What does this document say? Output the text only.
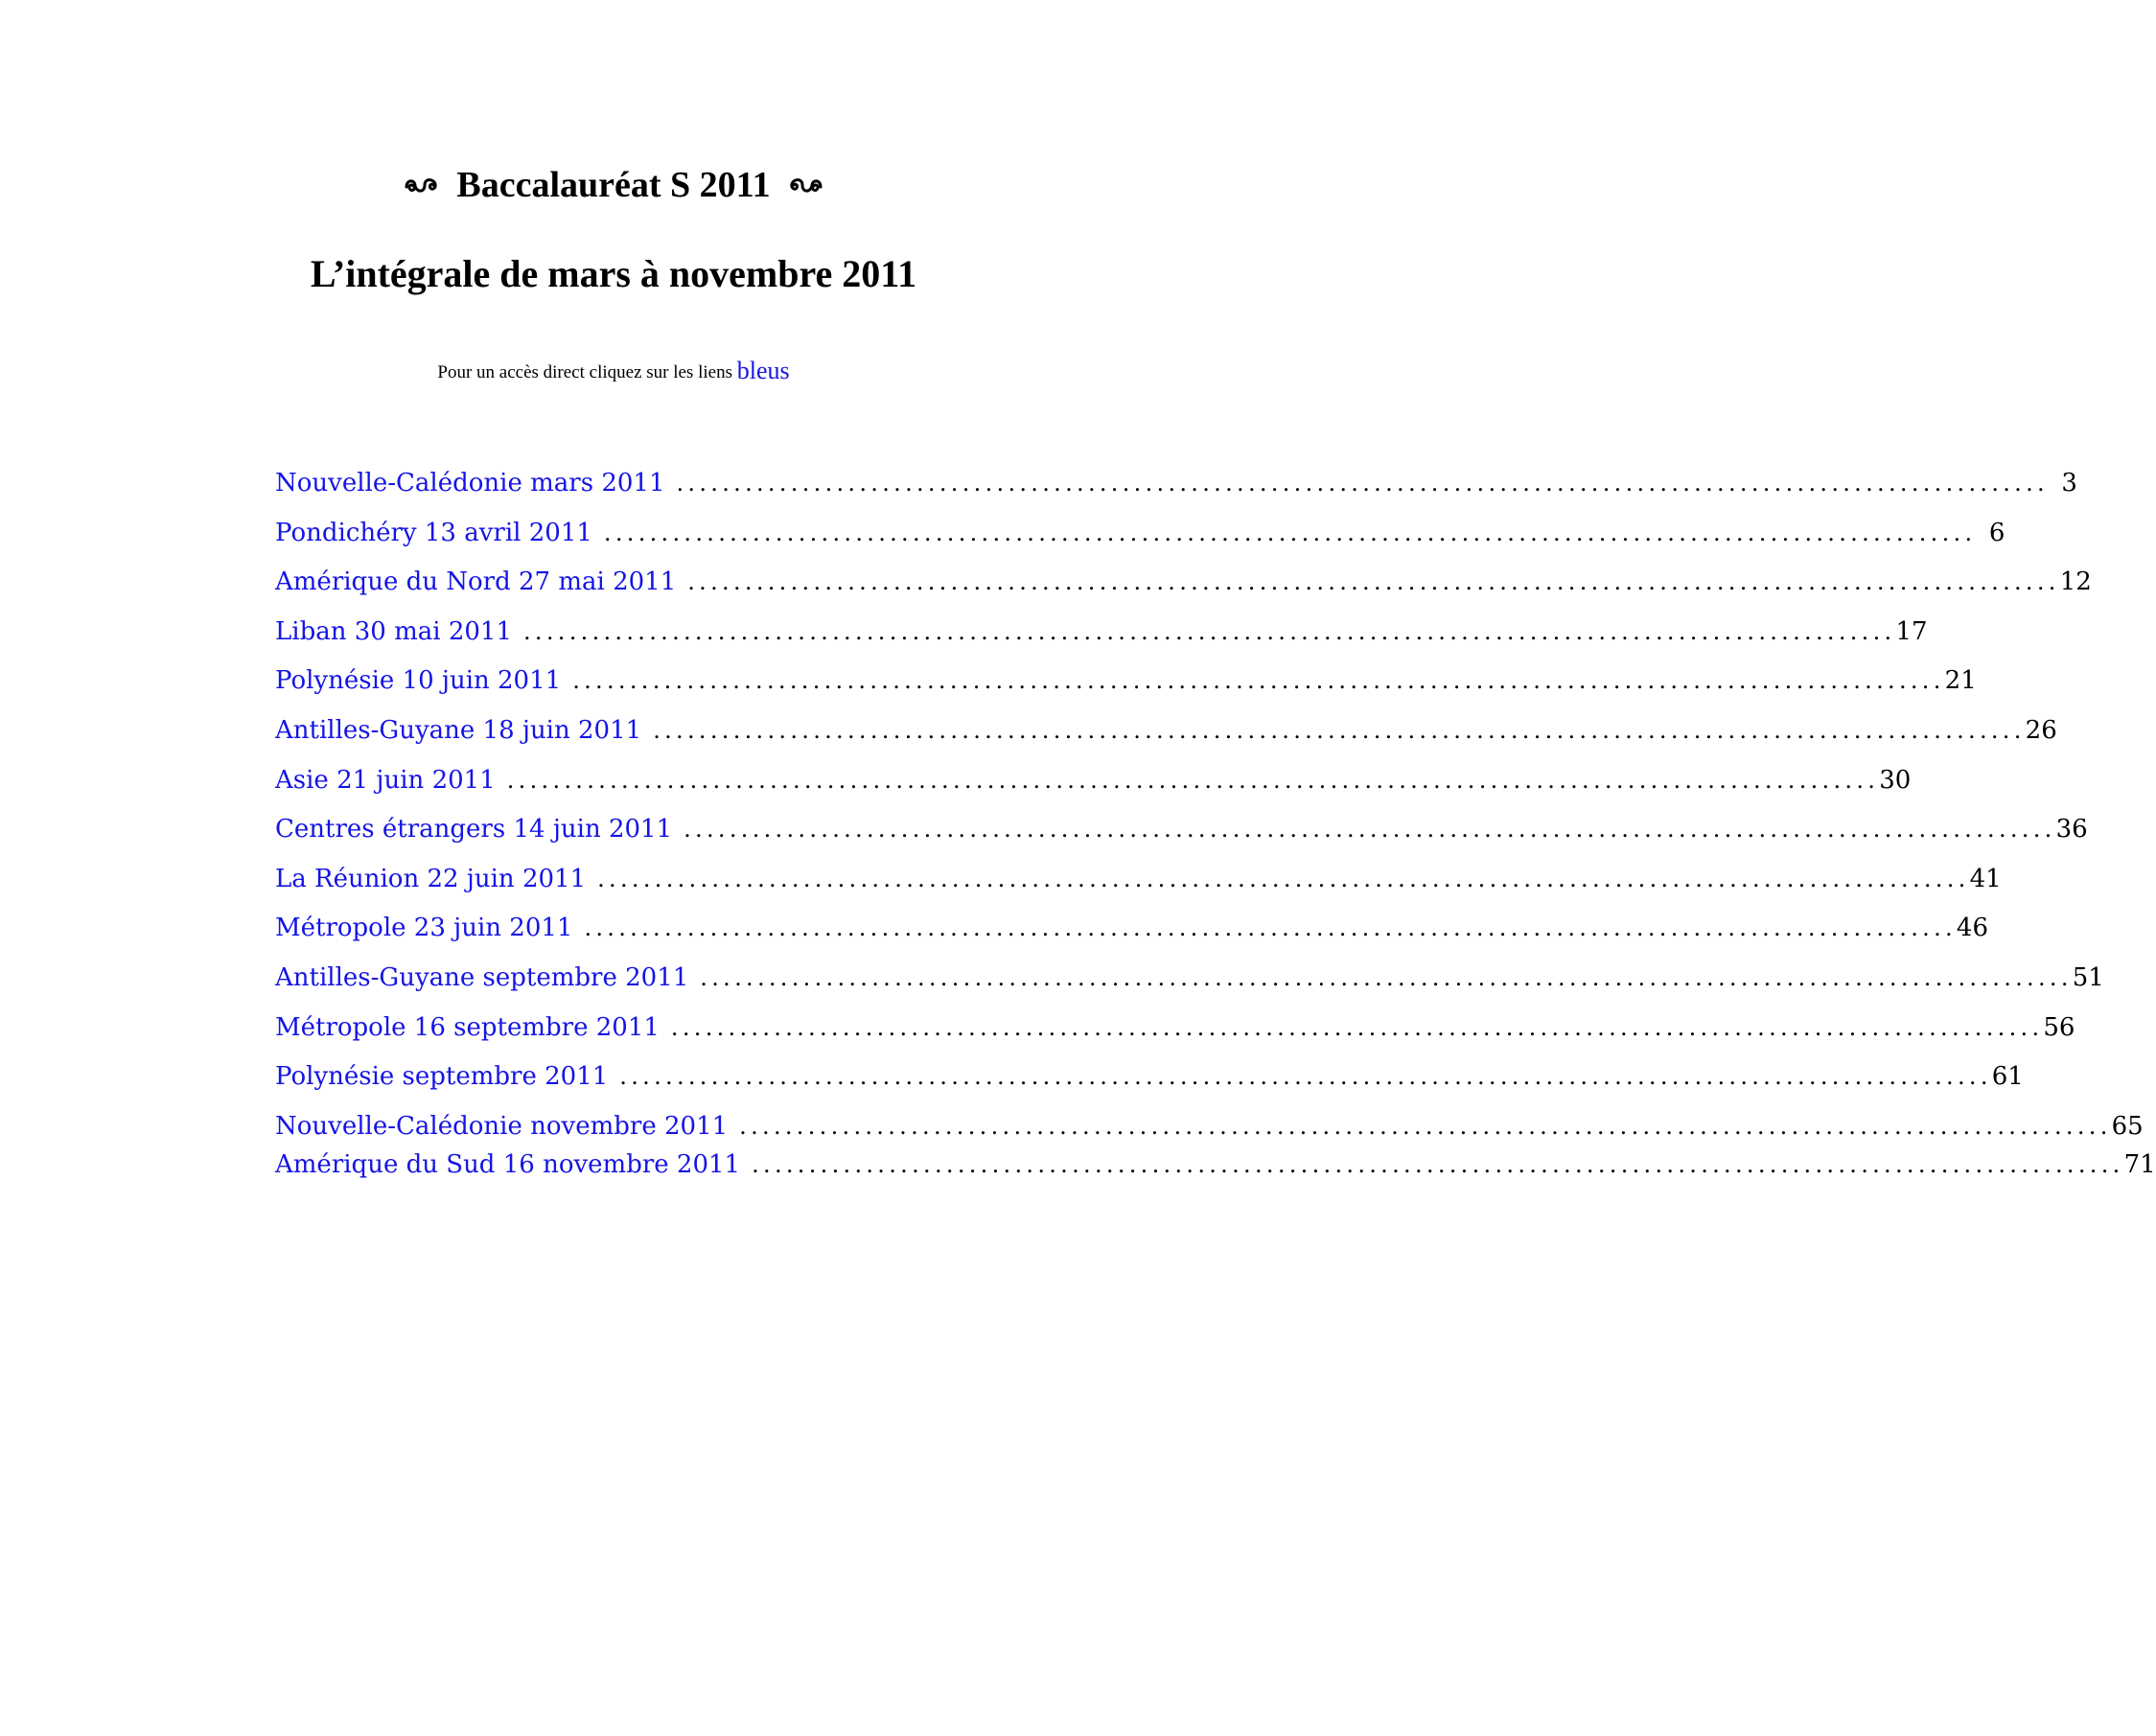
Baccalauréat S 2011
L’intégrale de mars à novembre 2011
Pour un accès direct cliquez sur les liens bleus
Nouvelle-Calédonie mars 2011 ........................................................................................................................ 3
Pondichéry 13 avril 2011 ........................................................................................................................ 6
Amérique du Nord 27 mai 2011 ........................................................................................................................ 12
Liban 30 mai 2011 ........................................................................................................................ 17
Polynésie 10 juin 2011 ........................................................................................................................ 21
Antilles-Guyane 18 juin 2011 ........................................................................................................................ 26
Asie 21 juin 2011 ........................................................................................................................ 30
Centres étrangers 14 juin 2011 ........................................................................................................................ 36
La Réunion 22 juin 2011 ........................................................................................................................ 41
Métropole 23 juin 2011 ........................................................................................................................ 46
Antilles-Guyane septembre 2011 ........................................................................................................................ 51
Métropole 16 septembre 2011 ........................................................................................................................ 56
Polynésie septembre 2011 ........................................................................................................................ 61
Nouvelle-Calédonie novembre 2011 ........................................................................................................................ 65
Amérique du Sud 16 novembre 2011 ........................................................................................................................ 71
